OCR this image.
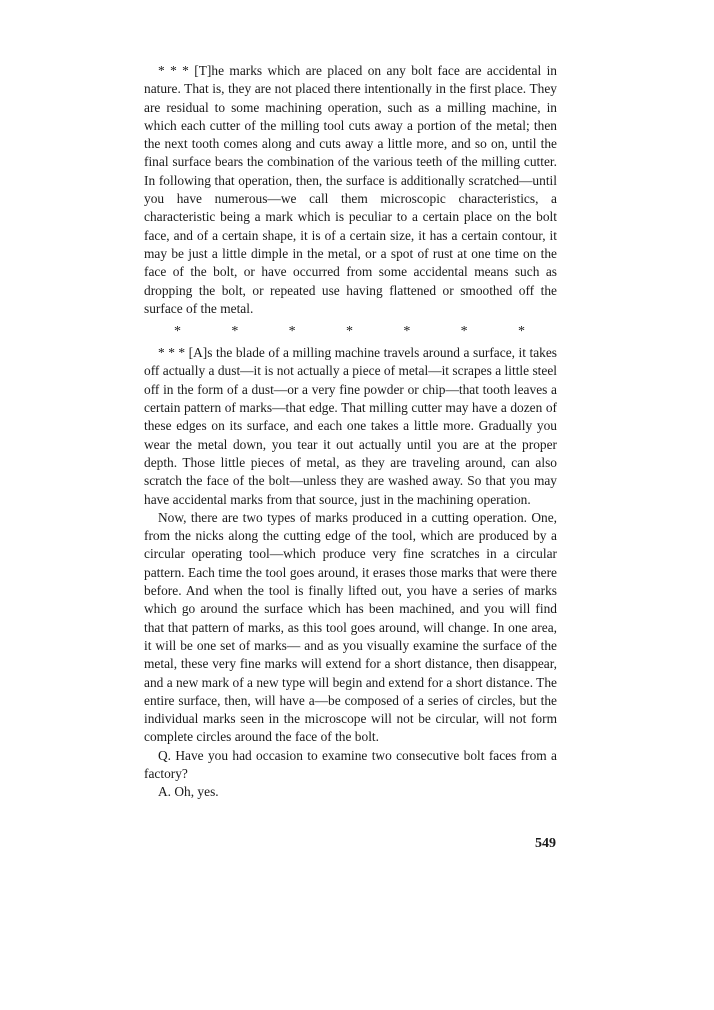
* * * [T]he marks which are placed on any bolt face are accidental in nature. That is, they are not placed there intentionally in the first place. They are residual to some machining operation, such as a milling machine, in which each cutter of the milling tool cuts away a portion of the metal; then the next tooth comes along and cuts away a little more, and so on, until the final surface bears the combination of the various teeth of the milling cutter. In following that operation, then, the surface is additionally scratched—until you have numerous—we call them microscopic characteristics, a characteristic being a mark which is peculiar to a certain place on the bolt face, and of a certain shape, it is of a certain size, it has a certain contour, it may be just a little dimple in the metal, or a spot of rust at one time on the face of the bolt, or have occurred from some accidental means such as dropping the bolt, or repeated use having flattened or smoothed off the surface of the metal.

*	*	*	*	*	*	*

* * * [A]s the blade of a milling machine travels around a surface, it takes off actually a dust—it is not actually a piece of metal—it scrapes a little steel off in the form of a dust—or a very fine powder or chip—that tooth leaves a certain pattern of marks—that edge. That milling cutter may have a dozen of these edges on its surface, and each one takes a little more. Gradually you wear the metal down, you tear it out actually until you are at the proper depth. Those little pieces of metal, as they are traveling around, can also scratch the face of the bolt—unless they are washed away. So that you may have accidental marks from that source, just in the machining operation.

Now, there are two types of marks produced in a cutting operation. One, from the nicks along the cutting edge of the tool, which are produced by a circular operating tool—which produce very fine scratches in a circular pattern. Each time the tool goes around, it erases those marks that were there before. And when the tool is finally lifted out, you have a series of marks which go around the surface which has been machined, and you will find that that pattern of marks, as this tool goes around, will change. In one area, it will be one set of marks— and as you visually examine the surface of the metal, these very fine marks will extend for a short distance, then disappear, and a new mark of a new type will begin and extend for a short distance. The entire surface, then, will have a—be composed of a series of circles, but the individual marks seen in the microscope will not be circular, will not form complete circles around the face of the bolt.

Q. Have you had occasion to examine two consecutive bolt faces from a factory?

A. Oh, yes.

549
